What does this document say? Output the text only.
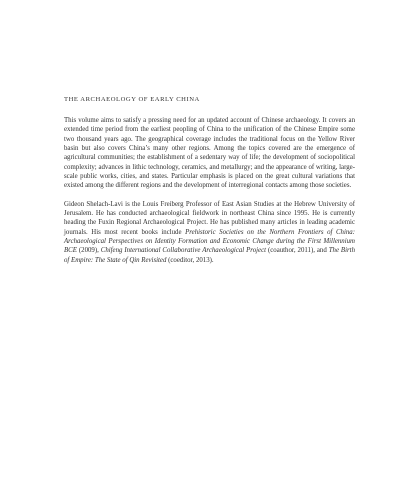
THE ARCHAEOLOGY OF EARLY CHINA

This volume aims to satisfy a pressing need for an updated account of Chinese archaeology. It covers an extended time period from the earliest peopling of China to the unification of the Chinese Empire some two thousand years ago. The geographical coverage includes the traditional focus on the Yellow River basin but also covers China’s many other regions. Among the topics covered are the emergence of agricultural communities; the establishment of a sedentary way of life; the development of sociopolitical complexity; advances in lithic technology, ceramics, and metallurgy; and the appearance of writing, large-scale public works, cities, and states. Particular emphasis is placed on the great cultural variations that existed among the different regions and the development of interregional contacts among those societies.

Gideon Shelach-Lavi is the Louis Freiberg Professor of East Asian Studies at the Hebrew University of Jerusalem. He has conducted archaeological fieldwork in northeast China since 1995. He is currently heading the Fuxin Regional Archaeological Project. He has published many articles in leading academic journals. His most recent books include Prehistoric Societies on the Northern Frontiers of China: Archaeological Perspectives on Identity Formation and Economic Change during the First Millennium BCE (2009), Chifeng International Collaborative Archaeological Project (coauthor, 2011), and The Birth of Empire: The State of Qin Revisited (coeditor, 2013).
